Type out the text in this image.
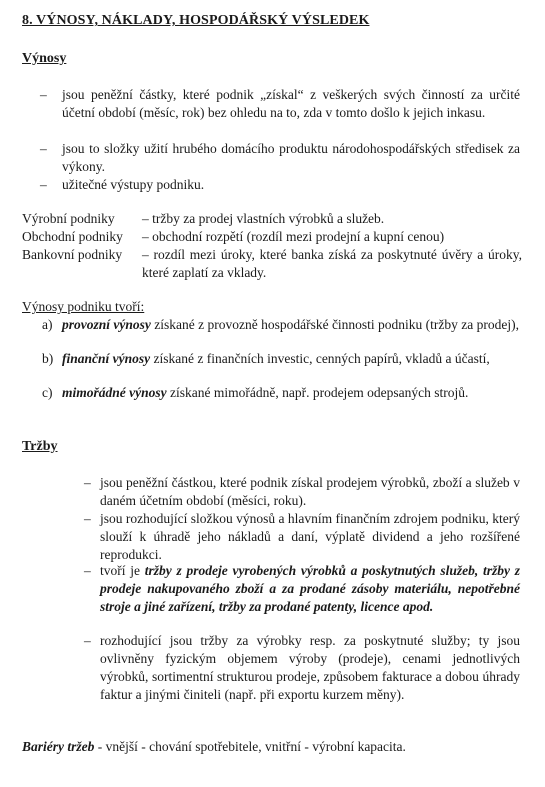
8. VÝNOSY, NÁKLADY, HOSPODÁŘSKÝ VÝSLEDEK
Výnosy
– jsou peněžní částky, které podnik „získal“ z veškerých svých činností za určité účetní období (měsíc, rok) bez ohledu na to, zda v tomto došlo k jejich inkasu.
– jsou to složky užití hrubého domácího produktu národohospodářských středisek za výkony.
– užitečné výstupy podniku.
Výrobní podniky – tržby za prodej vlastních výrobků a služeb.
Obchodní podniky – obchodní rozpětí (rozdíl mezi prodejní a kupní cenou)
Bankovní podniky – rozdíl mezi úroky, které banka získá za poskytnuté úvěry a úroky, které zaplatí za vklady.
Výnosy podniku tvoří:
a) provozní výnosy získané z provozně hospodářské činnosti podniku (tržby za prodej),
b) finanční výnosy získané z finančních investic, cenných papírů, vkladů a účastí,
c) mimořádné výnosy získané mimořádně, např. prodejem odepsaných strojů.
Tržby
– jsou peněžní částkou, které podnik získal prodejem výrobků, zboží a služeb v daném účetním období (měsíci, roku).
– jsou rozhodující složkou výnosů a hlavním finančním zdrojem podniku, který slouží k úhradě jeho nákladů a daní, výplatě dividend a jeho rozšířené reprodukci.
– tvoří je tržby z prodeje vyrobených výrobků a poskytnutých služeb, tržby z prodeje nakupovaného zboží a za prodané zásoby materiálu, nepotřebné stroje a jiné zařízení, tržby za prodané patenty, licence apod.
– rozhodující jsou tržby za výrobky resp. za poskytnuté služby; ty jsou ovlivněny fyzickým objemem výroby (prodeje), cenami jednotlivých výrobků, sortimentní strukturou prodeje, způsobem fakturace a dobou úhrady faktur a jinými činiteli (např. při exportu kurzem měny).
Bariéry tržeb - vnější - chování spotřebitele, vnitřní - výrobní kapacita.
